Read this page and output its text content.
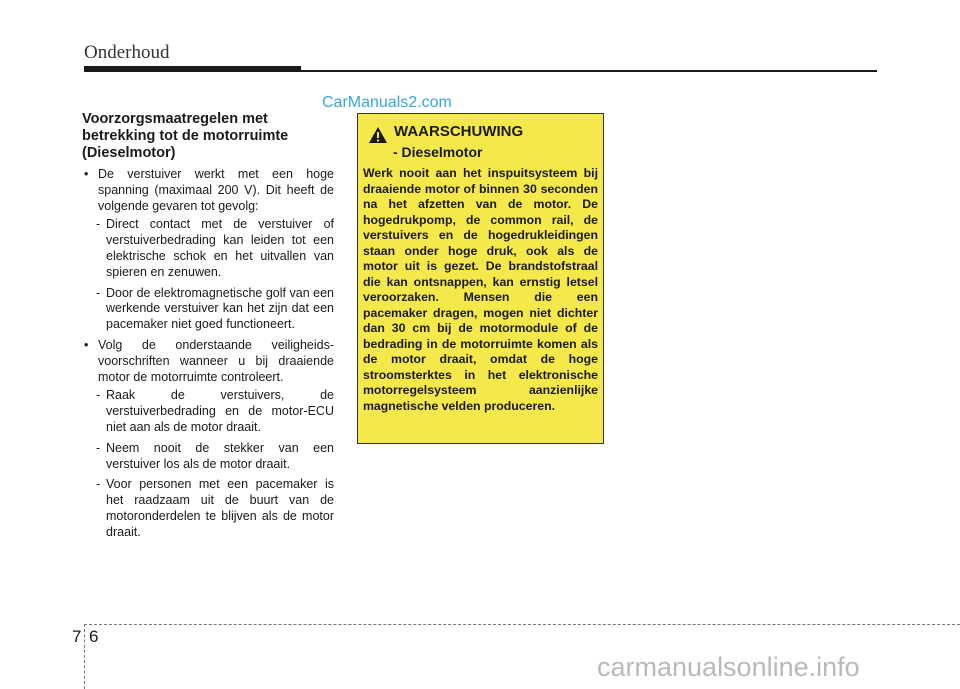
Onderhoud
CarManuals2.com
Voorzorgsmaatregelen met betrekking tot de motorruimte (Dieselmotor)
• De verstuiver werkt met een hoge spanning (maximaal 200 V). Dit heeft de volgende gevaren tot gevolg:
- Direct contact met de verstuiver of verstuiverbedrading kan leiden tot een elektrische schok en het uitvallen van spieren en zenuwen.
- Door de elektromagnetische golf van een werkende verstuiver kan het zijn dat een pacemaker niet goed functioneert.
• Volg de onderstaande veiligheids-voorschriften wanneer u bij draaiende motor de motorruimte controleert.
- Raak de verstuivers, de verstuiverbedrading en de motor-ECU niet aan als de motor draait.
- Neem nooit de stekker van een verstuiver los als de motor draait.
- Voor personen met een pacemaker is het raadzaam uit de buurt van de motoronderdelen te blijven als de motor draait.
WAARSCHUWING
- Dieselmotor
Werk nooit aan het inspuitsysteem bij draaiende motor of binnen 30 seconden na het afzetten van de motor. De hogedrukpomp, de common rail, de verstuivers en de hogedrukleidingen staan onder hoge druk, ook als de motor uit is gezet. De brandstofstraal die kan ontsnappen, kan ernstig letsel veroorzaken. Mensen die een pacemaker dragen, mogen niet dichter dan 30 cm bij de motormodule of de bedrading in de motorruimte komen als de motor draait, omdat de hoge stroomsterktes in het elektronische motorregelsysteem aanzienlijke magnetische velden produceren.
7 6
carmanualsonline.info
